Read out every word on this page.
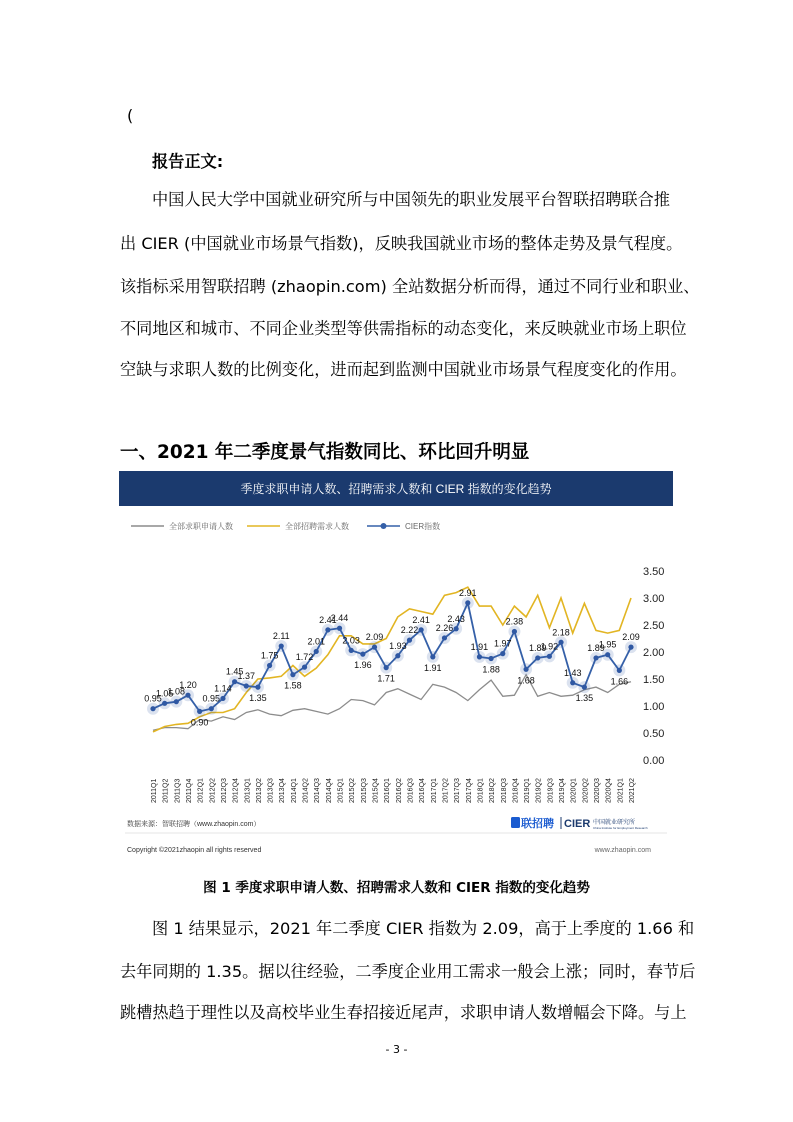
(
报告正文:
中国人民大学中国就业研究所与中国领先的职业发展平台智联招聘联合推
出 CIER (中国就业市场景气指数)，反映我国就业市场的整体走势及景气程度。
该指标采用智联招聘 (zhaopin.com) 全站数据分析而得，通过不同行业和职业、
不同地区和城市、不同企业类型等供需指标的动态变化，来反映就业市场上职位
空缺与求职人数的比例变化，进而起到监测中国就业市场景气程度变化的作用。
一、2021 年二季度景气指数同比、环比回升明显
季度求职申请人数、招聘需求人数和 CIER 指数的变化趋势
全部求职申请人数	全部招聘需求人数	CIER指数
0.00
0.50
1.00
1.50
2.00
2.50
3.00
3.50
2011Q1 2011Q2 2011Q3 2011Q4 2012Q1 2012Q2 2012Q3 2012Q4 2013Q1 2013Q2 2013Q3 2013Q4 2014Q1 2014Q2 2014Q3 2014Q4 2015Q1 2015Q2 2015Q3 2015Q4 2016Q1 2016Q2 2016Q3 2016Q4 2017Q1 2017Q2 2017Q3 2017Q4 2018Q1 2018Q2 2018Q3 2018Q4 2019Q1 2019Q2 2019Q3 2019Q4 2020Q1 2020Q2 2020Q3 2020Q4 2021Q1 2021Q2
0.95
1.05
1.08
1.20
0.90
0.95
1.14
1.45
1.37
1.35
1.75
2.11
1.58
1.72
2.01
2.41
2.44
2.03
1.96
2.09
1.71
1.93
2.22
2.41
1.91
2.26
2.43
2.91
1.91
1.88
1.97
2.38
1.68
1.89
1.92
2.18
1.43
1.35
1.89
1.95
1.66
2.09
数据来源：智联招聘（www.zhaopin.com）
Copyright ©2021zhaopin all rights reserved
联招聘 CIER 中国就业研究所
China Institute for Employment Research
www.zhaopin.com
图 1 季度求职申请人数、招聘需求人数和 CIER 指数的变化趋势
图 1 结果显示，2021 年二季度 CIER 指数为 2.09，高于上季度的 1.66 和
去年同期的 1.35。据以往经验，二季度企业用工需求一般会上涨；同时，春节后
跳槽热趋于理性以及高校毕业生春招接近尾声，求职申请人数增幅会下降。与上
- 3 -
